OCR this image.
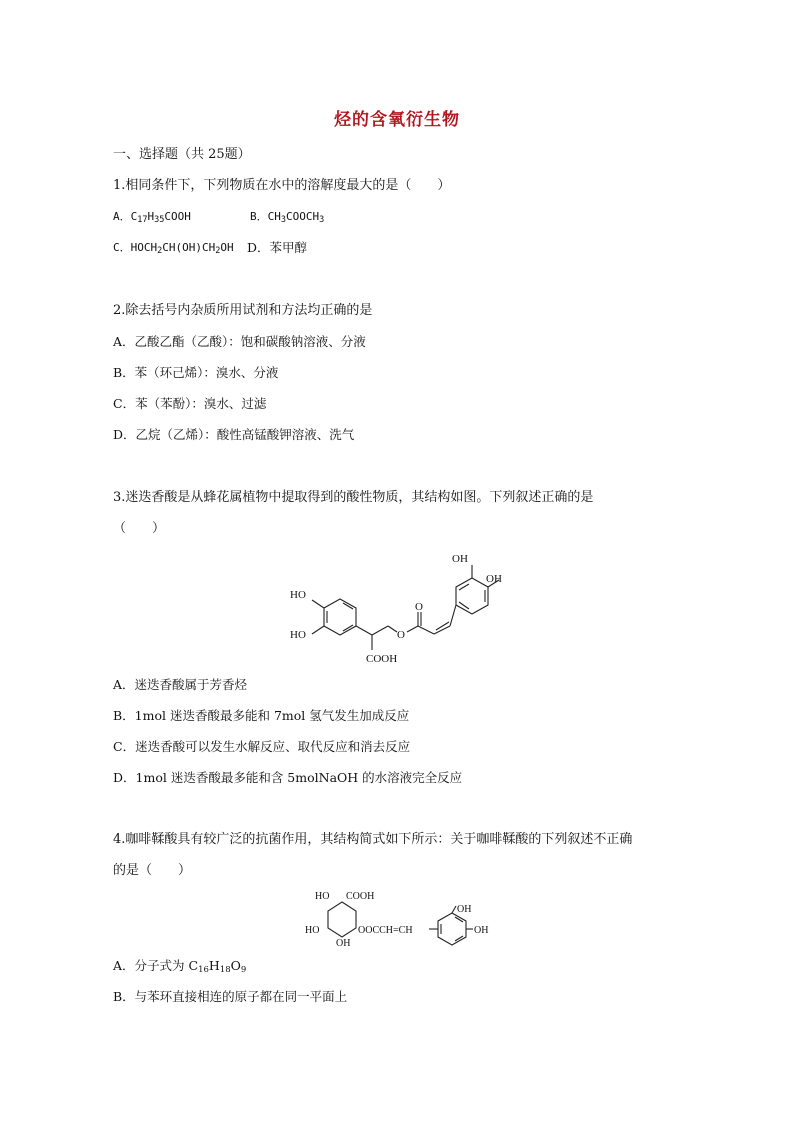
烃的含氧衍生物
一、选择题（共 25题）
1.相同条件下，下列物质在水中的溶解度最大的是（　　）
A．$C_{17}H_{35}COOH$	B．$CH_3COOCH_3$
C．$HOCH_2CH(OH)CH_2OH$ D．苯甲醇
2.除去括号内杂质所用试剂和方法均正确的是
A．乙酸乙酯（乙酸）：饱和碳酸钠溶液、分液
B．苯（环己烯）：溴水、分液
C．苯（苯酚）：溴水、过滤
D．乙烷（乙烯）：酸性高锰酸钾溶液、洗气
3.迷迭香酸是从蜂花属植物中提取得到的酸性物质，其结构如图。下列叙述正确的是
（　　）
HO
HO
COOH
O
O
OH
OH
A．迷迭香酸属于芳香烃
B．1mol 迷迭香酸最多能和 7mol 氢气发生加成反应
C．迷迭香酸可以发生水解反应、取代反应和消去反应
D．1mol 迷迭香酸最多能和含 5molNaOH 的水溶液完全反应
4.咖啡鞣酸具有较广泛的抗菌作用，其结构简式如下所示：关于咖啡鞣酸的下列叙述不正确
的是（　　）
HO COOH
HO
OH
OOCCH=CH
OH
OH
A．分子式为 $C_{16}H_{18}O_9$
B．与苯环直接相连的原子都在同一平面上
